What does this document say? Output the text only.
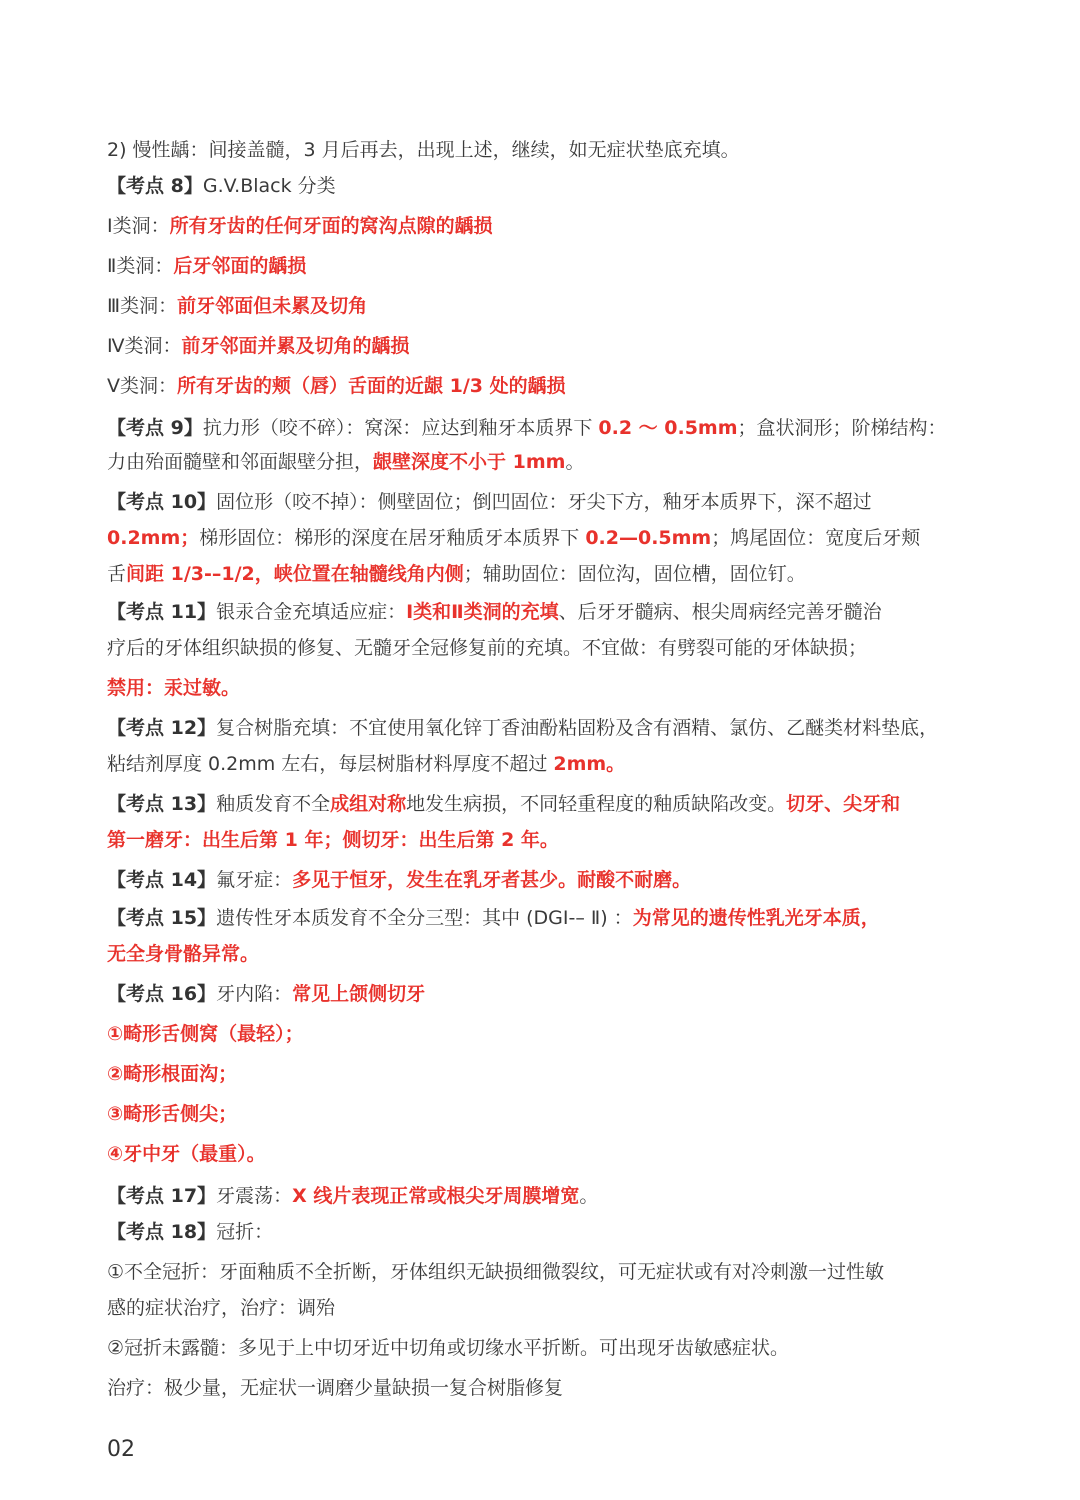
2) 慢性龋：间接盖髓，3 月后再去，出现上述，继续，如无症状垫底充填。
【考点 8】G.V.Black 分类
Ⅰ类洞：所有牙齿的任何牙面的窝沟点隙的龋损
Ⅱ类洞：后牙邻面的龋损
Ⅲ类洞：前牙邻面但未累及切角
Ⅳ类洞：前牙邻面并累及切角的龋损
Ⅴ类洞：所有牙齿的颊（唇）舌面的近龈 1/3 处的龋损
【考点 9】抗力形（咬不碎）：窝深：应达到釉牙本质界下 0.2 ～ 0.5mm；盒状洞形；阶梯结构：
力由殆面髓壁和邻面龈壁分担，龈壁深度不小于 1mm。
【考点 10】固位形（咬不掉）：侧壁固位；倒凹固位：牙尖下方，釉牙本质界下，深不超过
0.2mm；梯形固位：梯形的深度在居牙釉质牙本质界下 0.2—0.5mm；鸠尾固位：宽度后牙颊
舌间距 1/3-–1/2，峡位置在轴髓线角内侧；辅助固位：固位沟，固位槽，固位钉。
【考点 11】银汞合金充填适应症：Ⅰ类和Ⅱ类洞的充填、后牙牙髓病、根尖周病经完善牙髓治
疗后的牙体组织缺损的修复、无髓牙全冠修复前的充填。不宜做：有劈裂可能的牙体缺损；
禁用：汞过敏。
【考点 12】复合树脂充填：不宜使用氧化锌丁香油酚粘固粉及含有酒精、氯仿、乙醚类材料垫底，
粘结剂厚度 0.2mm 左右，每层树脂材料厚度不超过 2mm。
【考点 13】釉质发育不全成组对称地发生病损，不同轻重程度的釉质缺陷改变。切牙、尖牙和
第一磨牙：出生后第 1 年；侧切牙：出生后第 2 年。
【考点 14】氟牙症：多见于恒牙，发生在乳牙者甚少。耐酸不耐磨。
【考点 15】遗传性牙本质发育不全分三型：其中 (DGI-– Ⅱ) ：为常见的遗传性乳光牙本质，
无全身骨骼异常。
【考点 16】牙内陷：常见上颌侧切牙
①畸形舌侧窝（最轻）；
②畸形根面沟；
③畸形舌侧尖；
④牙中牙（最重）。
【考点 17】牙震荡：X 线片表现正常或根尖牙周膜增宽。
【考点 18】冠折：
①不全冠折：牙面釉质不全折断，牙体组织无缺损细微裂纹，可无症状或有对冷刺激一过性敏
感的症状治疗，治疗：调殆
②冠折未露髓：多见于上中切牙近中切角或切缘水平折断。可出现牙齿敏感症状。
治疗：极少量，无症状一调磨少量缺损一复合树脂修复
02
